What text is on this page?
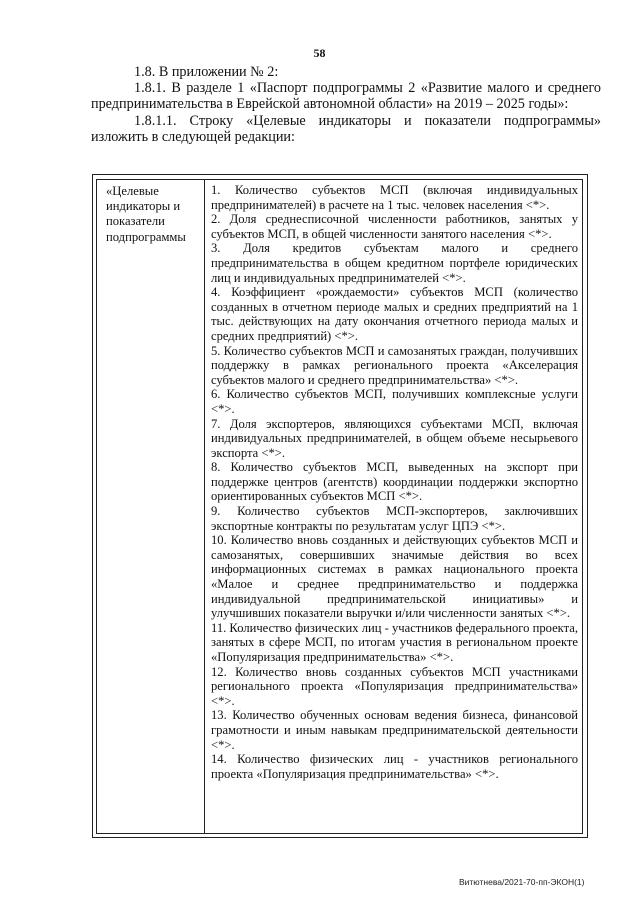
58

1.8. В приложении № 2:

1.8.1. В разделе 1 «Паспорт подпрограммы 2 «Развитие малого и среднего предпринимательства в Еврейской автономной области» на 2019 – 2025 годы»:

1.8.1.1. Строку «Целевые индикаторы и показатели подпрограммы» изложить в следующей редакции:

«Целевые индикаторы и показатели подпрограммы

1. Количество субъектов МСП (включая индивидуальных предпринимателей) в расчете на 1 тыс. человек населения <*>.

2. Доля среднесписочной численности работников, занятых у субъектов МСП, в общей численности занятого населения <*>.

3. Доля кредитов субъектам малого и среднего предпринимательства в общем кредитном портфеле юридических лиц и индивидуальных предпринимателей <*>.

4. Коэффициент «рождаемости» субъектов МСП (количество созданных в отчетном периоде малых и средних предприятий на 1 тыс. действующих на дату окончания отчетного периода малых и средних предприятий) <*>.

5. Количество субъектов МСП и самозанятых граждан, получивших поддержку в рамках регионального проекта «Акселерация субъектов малого и среднего предпринимательства» <*>.

6. Количество субъектов МСП, получивших комплексные услуги <*>.

7. Доля экспортеров, являющихся субъектами МСП, включая индивидуальных предпринимателей, в общем объеме несырьевого экспорта <*>.

8. Количество субъектов МСП, выведенных на экспорт при поддержке центров (агентств) координации поддержки экспортно ориентированных субъектов МСП <*>.

9. Количество субъектов МСП-экспортеров, заключивших экспортные контракты по результатам услуг ЦПЭ <*>.

10. Количество вновь созданных и действующих субъектов МСП и самозанятых, совершивших значимые действия во всех информационных системах в рамках национального проекта «Малое и среднее предпринимательство и поддержка индивидуальной предпринимательской инициативы» и улучшивших показатели выручки и/или численности занятых <*>.

11. Количество физических лиц - участников федерального проекта, занятых в сфере МСП, по итогам участия в региональном проекте «Популяризация предпринимательства» <*>.

12. Количество вновь созданных субъектов МСП участниками регионального проекта «Популяризация предпринимательства» <*>.

13. Количество обученных основам ведения бизнеса, финансовой грамотности и иным навыкам предпринимательской деятельности <*>.

14. Количество физических лиц - участников регионального проекта «Популяризация предпринимательства» <*>.

Витютнева/2021-70-пп-ЭКОН(1)
